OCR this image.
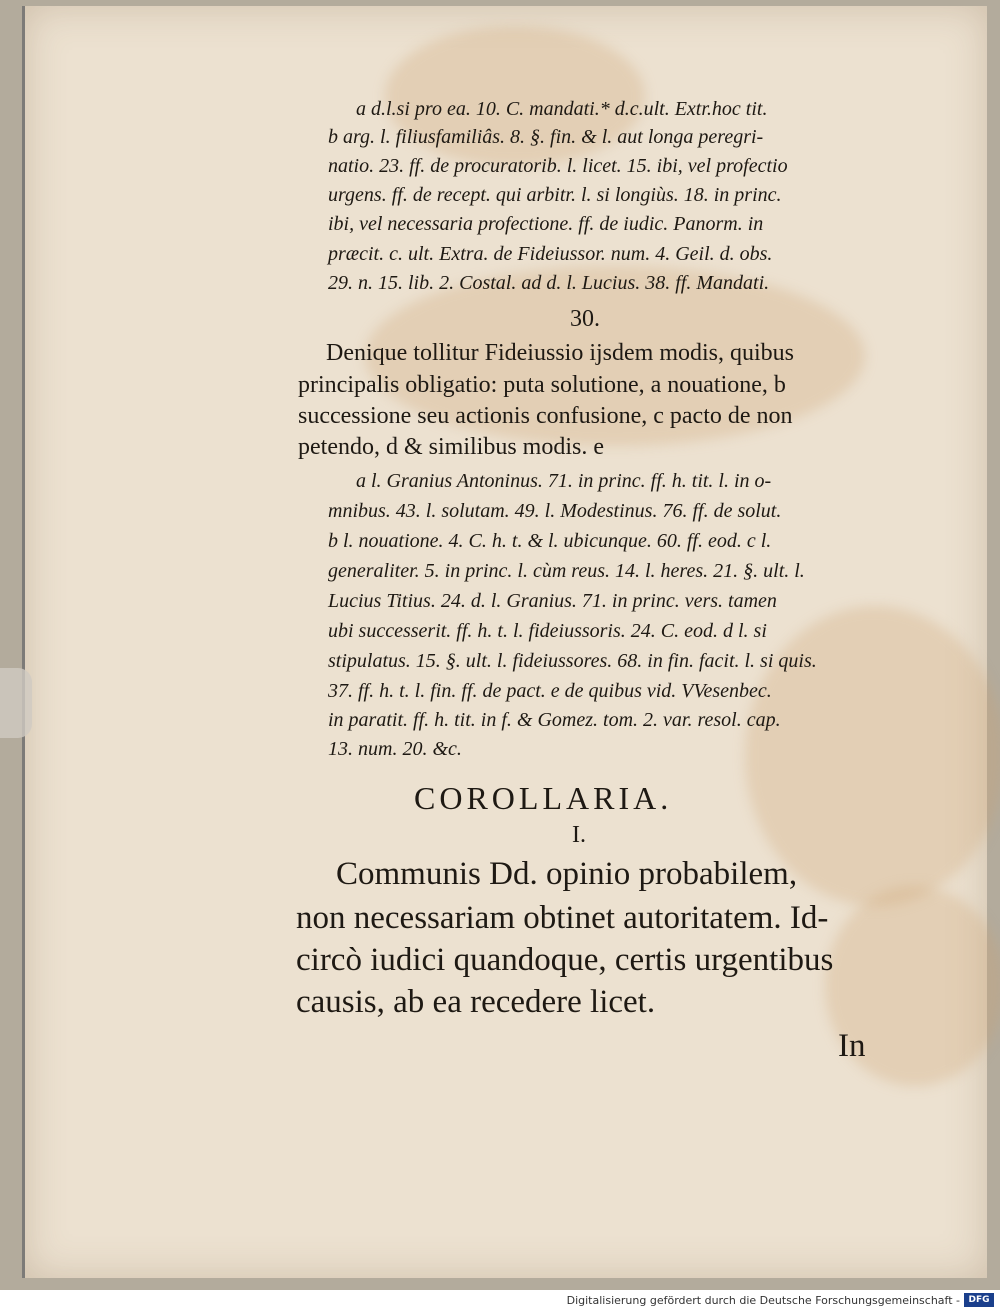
a d.l.si pro ea. 10. C. mandati.* d.c.ult. Extr.hoc tit.
b arg. l. filiusfamiliâs. 8. §. fin. & l. aut longa peregri-
natio. 23. ff. de procuratorib. l. licet. 15. ibi, vel profectio
urgens. ff. de recept. qui arbitr. l. si longiùs. 18. in princ.
ibi, vel necessaria profectione. ff. de iudic. Panorm. in
præcit. c. ult. Extra. de Fideiussor. num. 4. Geil. d. obs.
29. n. 15. lib. 2. Costal. ad d. l. Lucius. 38. ff. Mandati.
30.
Denique tollitur Fideiussio ijsdem modis, quibus
principalis obligatio: puta solutione, a nouatione, b
successione seu actionis confusione, c pacto de non
petendo, d & similibus modis. e
a l. Granius Antoninus. 71. in princ. ff. h. tit. l. in o-
mnibus. 43. l. solutam. 49. l. Modestinus. 76. ff. de solut.
b l. nouatione. 4. C. h. t. & l. ubicunque. 60. ff. eod. c l.
generaliter. 5. in princ. l. cùm reus. 14. l. heres. 21. §. ult. l.
Lucius Titius. 24. d. l. Granius. 71. in princ. vers. tamen
ubi successerit. ff. h. t. l. fideiussoris. 24. C. eod. d l. si
stipulatus. 15. §. ult. l. fideiussores. 68. in fin. facit. l. si quis.
37. ff. h. t. l. fin. ff. de pact. e de quibus vid. VVesenbec.
in paratit. ff. h. tit. in f. & Gomez. tom. 2. var. resol. cap.
13. num. 20. &c.
COROLLARIA.
I.
Communis Dd. opinio probabilem,
non necessariam obtinet autoritatem. Id-
circò iudici quandoque, certis urgentibus
causis, ab ea recedere licet.
In
Digitalisierung gefördert durch die Deutsche Forschungsgemeinschaft - DFG
